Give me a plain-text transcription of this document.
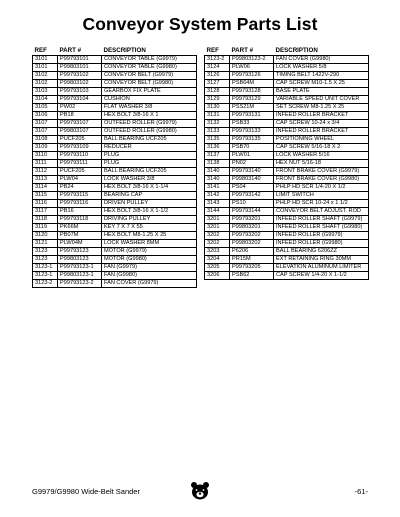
Conveyor System Parts List
REF	PART #	DESCRIPTION
3101	P99793101	CONVEYOR TABLE (G9979)
3101	P99803101	CONVEYOR TABLE (G9980)
3102	P99793102	CONVEYOR BELT (G9979)
3102	P99803102	CONVEYOR BELT (G9980)
3103	P99793103	GEARBOX FIX PLATE
3104	P99793104	CUSHION
3105	PW02	FLAT WASHER 3/8
3106	PB18	HEX BOLT 3/8-16 X 1
3107	P99793107	OUTFEED ROLLER (G9979)
3107	P99803107	OUTFEED ROLLER (G9980)
3108	PUCF205	BALL BEARING UCF205
3109	P99793109	REDUCER
3110	P99793110	PLUG
3111	P99793111	PLUG
3112	PUCF205	BALL BEARING UCF205
3113	PLW04	LOCK WASHER 3/8
3114	PB24	HEX BOLT 3/8-16 X 1-1/4
3115	P99793115	BEARING CAP
3116	P99793116	DRIVEN PULLEY
3117	PB16	HEX BOLT 3/8-16 X 1-1/2
3118	P99793118	DRIVING PULLEY
3119	PK66M	KEY 7 X 7 X 55
3120	PB07M	HEX BOLT M8-1.25 X 25
3121	PLW04M	LOCK WASHER 8MM
3123	P99793123	MOTOR (G9979)
3123	P99803123	MOTOR (G9980)
3123-1	P99793123-1	FAN (G9979)
3123-1	P99803123-1	FAN (G9980)
3123-2	P99793123-2	FAN COVER (G9979)
REF	PART #	DESCRIPTION
3123-2	P99803123-2	FAN COVER (G9980)
3124	PLW06	LOCK WASHER 5/8
3126	P99793126	TIMING BELT 1422V-290
3127	PSB64M	CAP SCREW M10-1.5 X 25
3128	P99793128	BASE PLATE
3129	P99793129	VARIABLE SPEED UNIT COVER
3130	PSS21M	SET SCREW M8-1.25 X 25
3131	P99793131	INFEED ROLLER BRACKET
3132	PSB33	CAP SCREW 10-24 x 3/4
3133	P99793133	INFEED ROLLER BRACKET
3135	P99793135	POSITIONING WHEEL
3136	PSB70	CAP SCREW 5/16-18 X 2
3137	PLW01	LOCK WASHER 5/16
3138	PN02	HEX NUT 5/16-18
3140	P99793140	FRONT BRAKE COVER (G9979)
3140	P99803140	FRONT BRAKE COVER (G9980)
3141	PS04	PHLP HD SCR 1/4-20 X 1/2
3142	P99793142	LIMIT SWITCH
3143	PS10	PHLP HD SCR 10-24 x 1 1/2
3144	P99793144	CONVEYOR BELT ADJUST. ROD
3201	P99793201	INFEED ROLLER SHAFT (G9979)
3201	P99803201	INFEED ROLLER SHAFT (G9980)
3202	P99793202	INFEED ROLLER (G9979)
3202	P99803202	INFEED ROLLER (G9980)
3203	P6206	BALL BEARING 6206ZZ
3204	PR15M	EXT RETAINING RING 30MM
3205	P99793205	ELEVATION ALUMINUM LIMITER
3206	PSB62	CAP SCREW 1/4-20 X 1-1/2
G9979/G9980 Wide-Belt Sander	-61-
